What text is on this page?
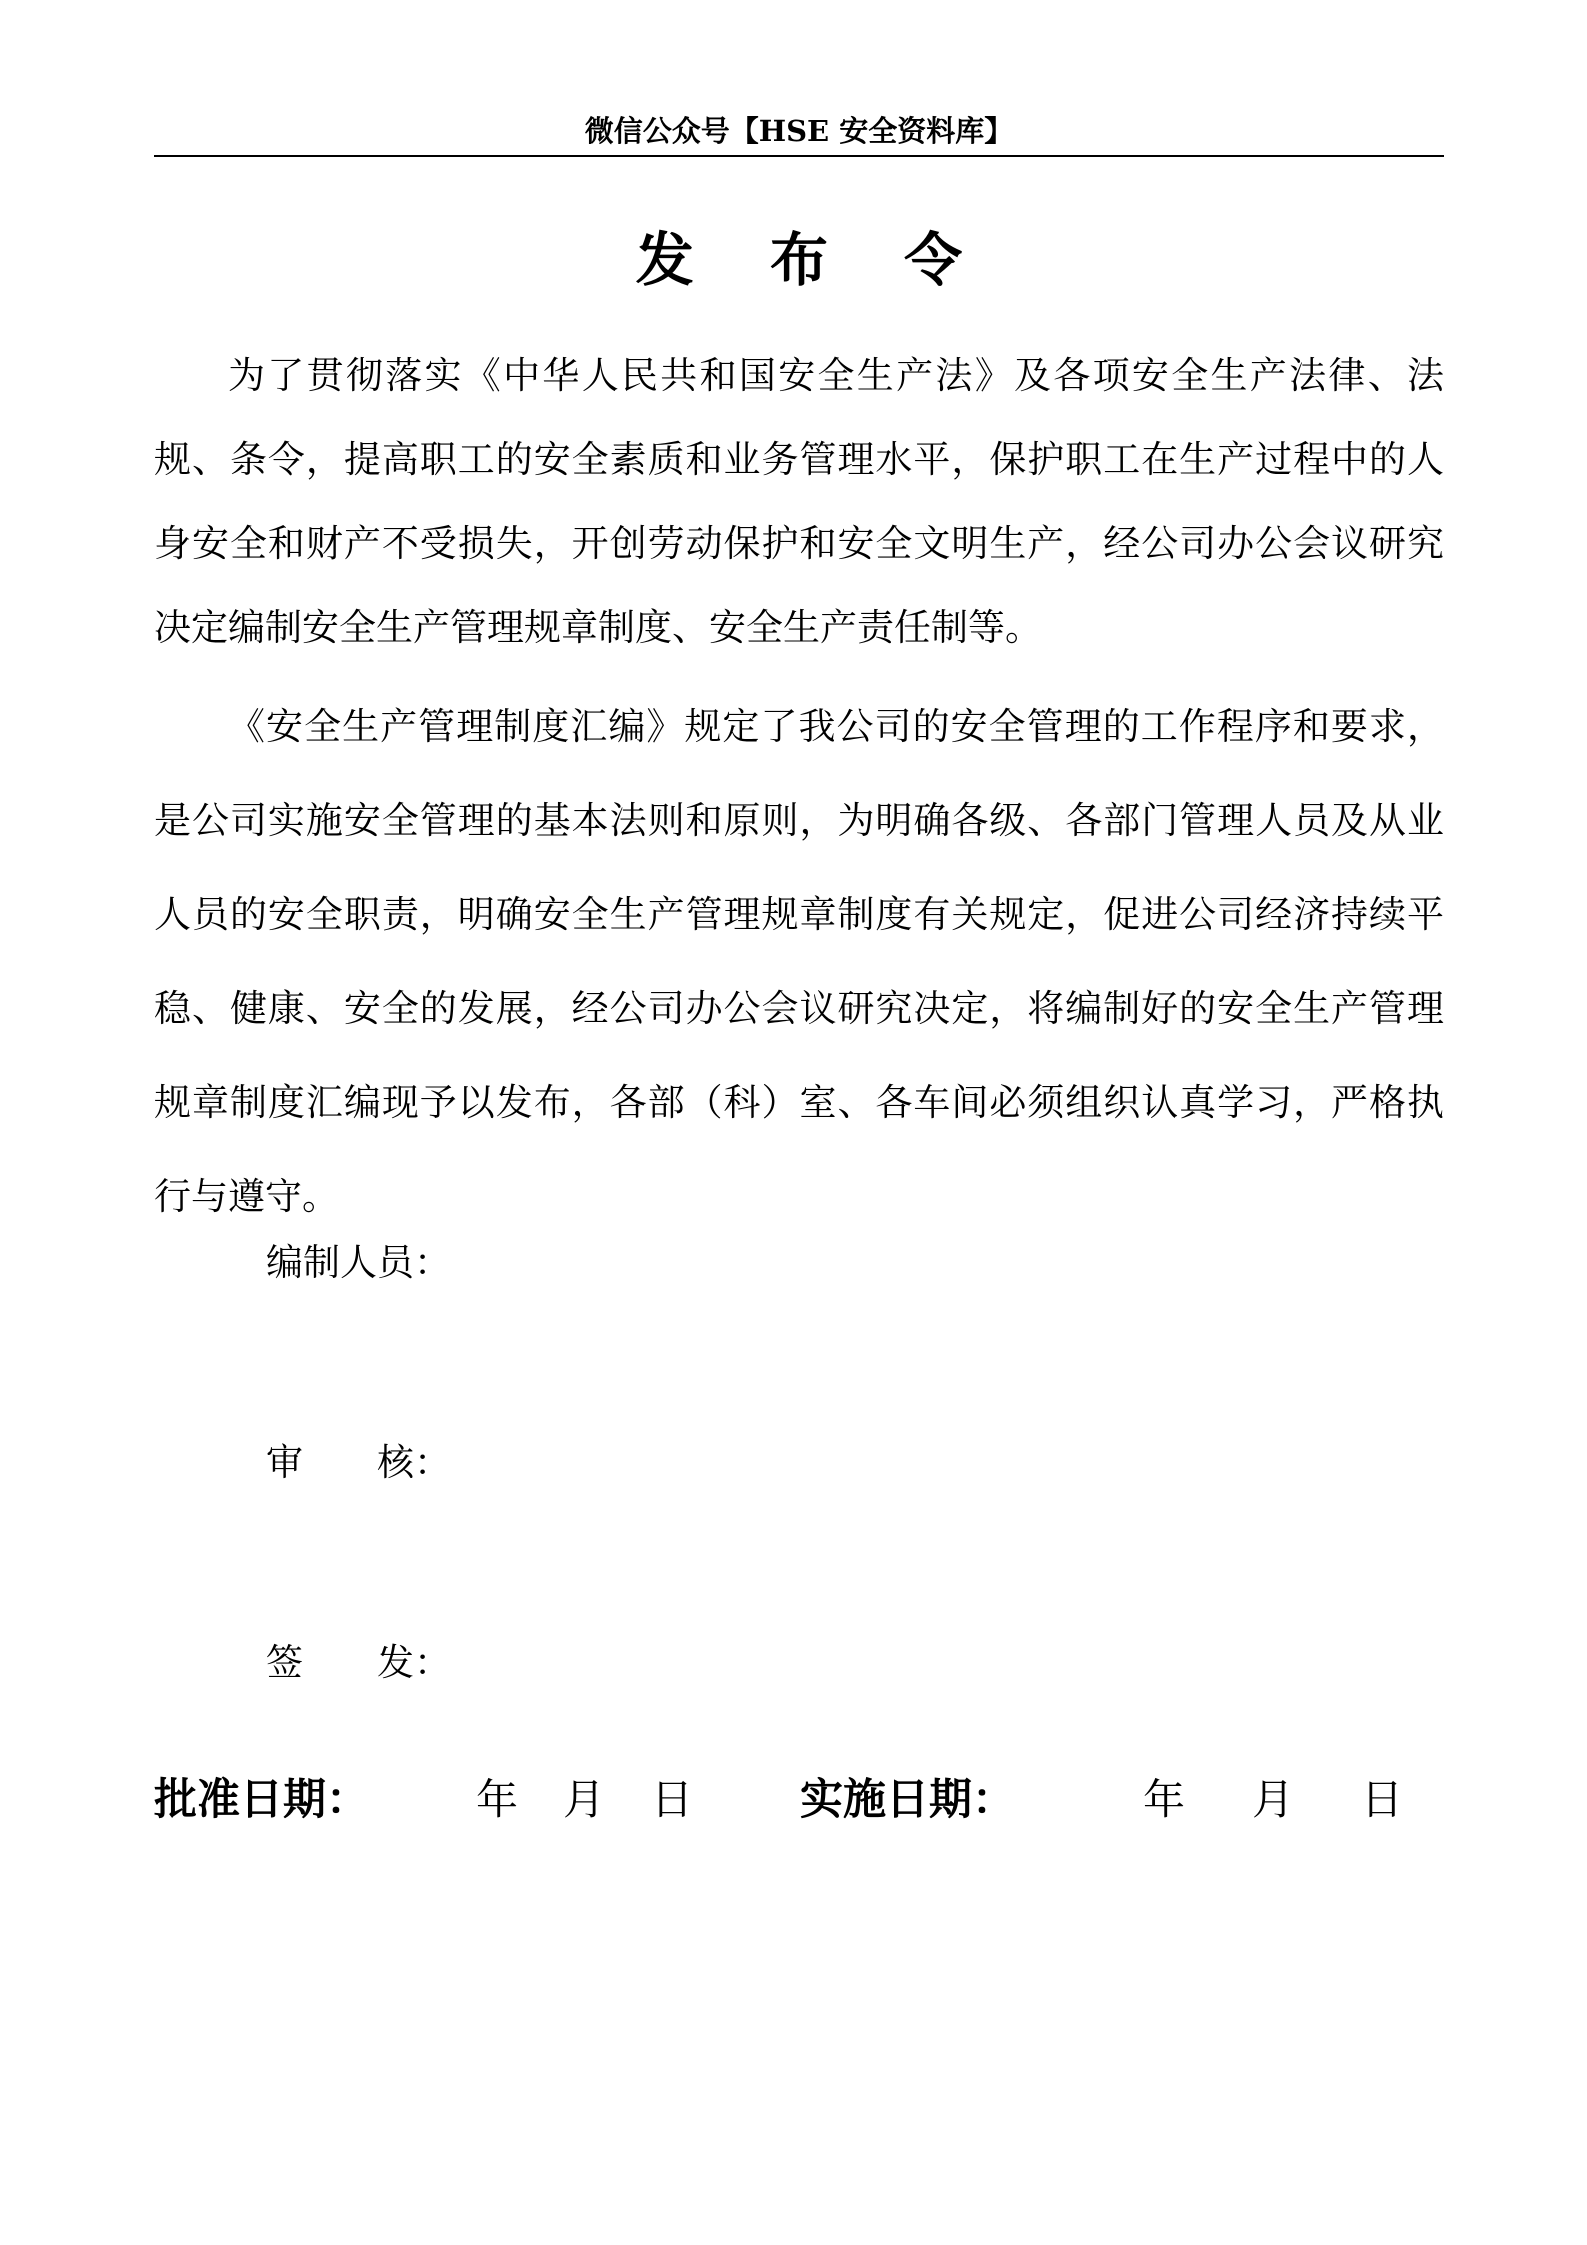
微信公众号【HSE 安全资料库】
发 布 令

为了贯彻落实《中华人民共和国安全生产法》及各项安全生产法律、法规、条令，提高职工的安全素质和业务管理水平，保护职工在生产过程中的人身安全和财产不受损失，开创劳动保护和安全文明生产，经公司办公会议研究决定编制安全生产管理规章制度、安全生产责任制等。

《安全生产管理制度汇编》规定了我公司的安全管理的工作程序和要求，是公司实施安全管理的基本法则和原则，为明确各级、各部门管理人员及从业人员的安全职责，明确安全生产管理规章制度有关规定，促进公司经济持续平稳、健康、安全的发展，经公司办公会议研究决定，将编制好的安全生产管理规章制度汇编现予以发布，各部（科）室、各车间必须组织认真学习，严格执行与遵守。

编制人员：
审　　核：
签　　发：
批准日期：	年 月 日 实施日期：	年 月 日
